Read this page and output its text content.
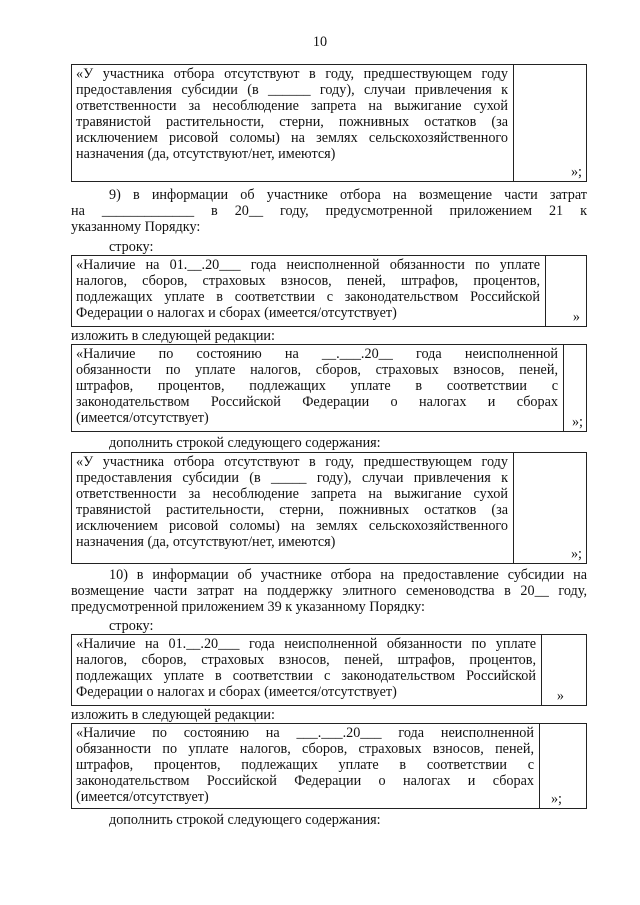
10
«У участника отбора отсутствуют в году, предшествующем году
предоставления субсидии (в ______ году), случаи привлечения к
ответственности за несоблюдение запрета на выжигание сухой
травянистой растительности, стерни, пожнивных остатков (за
исключением рисовой соломы) на землях сельскохозяйственного
назначения (да, отсутствуют/нет, имеются)
»;
9) в информации об участнике отбора на возмещение части затрат
на _____________ в 20__ году, предусмотренной приложением 21 к
указанному Порядку:
строку:
«Наличие на 01.__.20___ года неисполненной обязанности по уплате
налогов, сборов, страховых взносов, пеней, штрафов, процентов,
подлежащих уплате в соответствии с законодательством Российской
Федерации о налогах и сборах (имеется/отсутствует)	»
изложить в следующей редакции:
«Наличие по состоянию на __.___.20__ года неисполненной
обязанности по уплате налогов, сборов, страховых взносов, пеней,
штрафов, процентов, подлежащих уплате в соответствии с
законодательством Российской Федерации о налогах и сборах
(имеется/отсутствует)	»;
дополнить строкой следующего содержания:
«У участника отбора отсутствуют в году, предшествующем году
предоставления субсидии (в _____ году), случаи привлечения к
ответственности за несоблюдение запрета на выжигание сухой
травянистой растительности, стерни, пожнивных остатков (за
исключением рисовой соломы) на землях сельскохозяйственного
назначения (да, отсутствуют/нет, имеются)
»;
10) в информации об участнике отбора на предоставление субсидии на
возмещение части затрат на поддержку элитного семеноводства в 20__ году,
предусмотренной приложением 39 к указанному Порядку:
строку:
«Наличие на 01.__.20___ года неисполненной обязанности по уплате
налогов, сборов, страховых взносов, пеней, штрафов, процентов,
подлежащих уплате в соответствии с законодательством Российской
Федерации о налогах и сборах (имеется/отсутствует)	»
изложить в следующей редакции:
«Наличие по состоянию на ___.___.20___ года неисполненной
обязанности по уплате налогов, сборов, страховых взносов, пеней,
штрафов, процентов, подлежащих уплате в соответствии с
законодательством Российской Федерации о налогах и сборах
(имеется/отсутствует)	»;
дополнить строкой следующего содержания:
